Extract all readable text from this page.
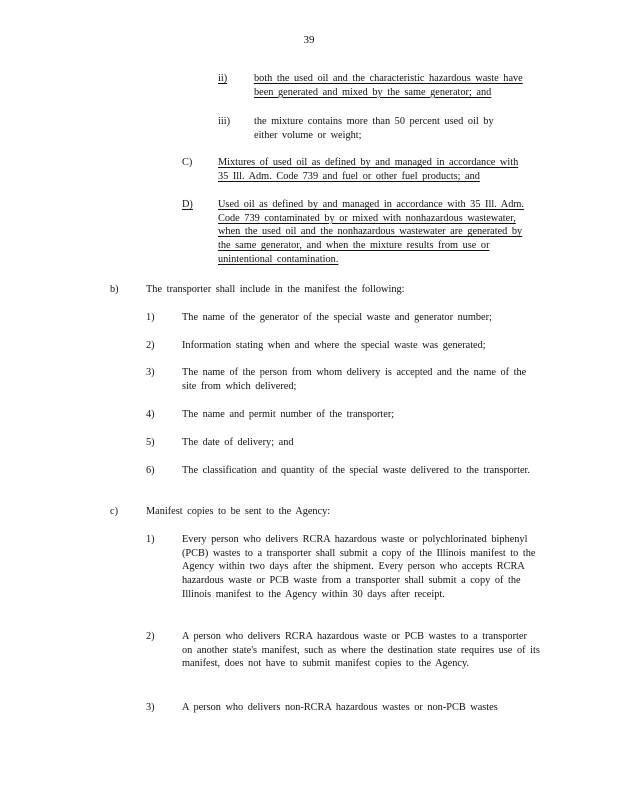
39
ii)	both the used oil and the characteristic hazardous waste have been generated and mixed by the same generator; and
iii)	the mixture contains more than 50 percent used oil by either volume or weight;
C)	Mixtures of used oil as defined by and managed in accordance with 35 Ill. Adm. Code 739 and fuel or other fuel products; and
D)	Used oil as defined by and managed in accordance with 35 Ill. Adm. Code 739 contaminated by or mixed with nonhazardous wastewater, when the used oil and the nonhazardous wastewater are generated by the same generator, and when the mixture results from use or unintentional contamination.
b)	The transporter shall include in the manifest the following:
1)	The name of the generator of the special waste and generator number;
2)	Information stating when and where the special waste was generated;
3)	The name of the person from whom delivery is accepted and the name of the site from which delivered;
4)	The name and permit number of the transporter;
5)	The date of delivery; and
6)	The classification and quantity of the special waste delivered to the transporter.
c)	Manifest copies to be sent to the Agency:
1)	Every person who delivers RCRA hazardous waste or polychlorinated biphenyl (PCB) wastes to a transporter shall submit a copy of the Illinois manifest to the Agency within two days after the shipment. Every person who accepts RCRA hazardous waste or PCB waste from a transporter shall submit a copy of the Illinois manifest to the Agency within 30 days after receipt.
2)	A person who delivers RCRA hazardous waste or PCB wastes to a transporter on another state's manifest, such as where the destination state requires use of its manifest, does not have to submit manifest copies to the Agency.
3)	A person who delivers non-RCRA hazardous wastes or non-PCB wastes
